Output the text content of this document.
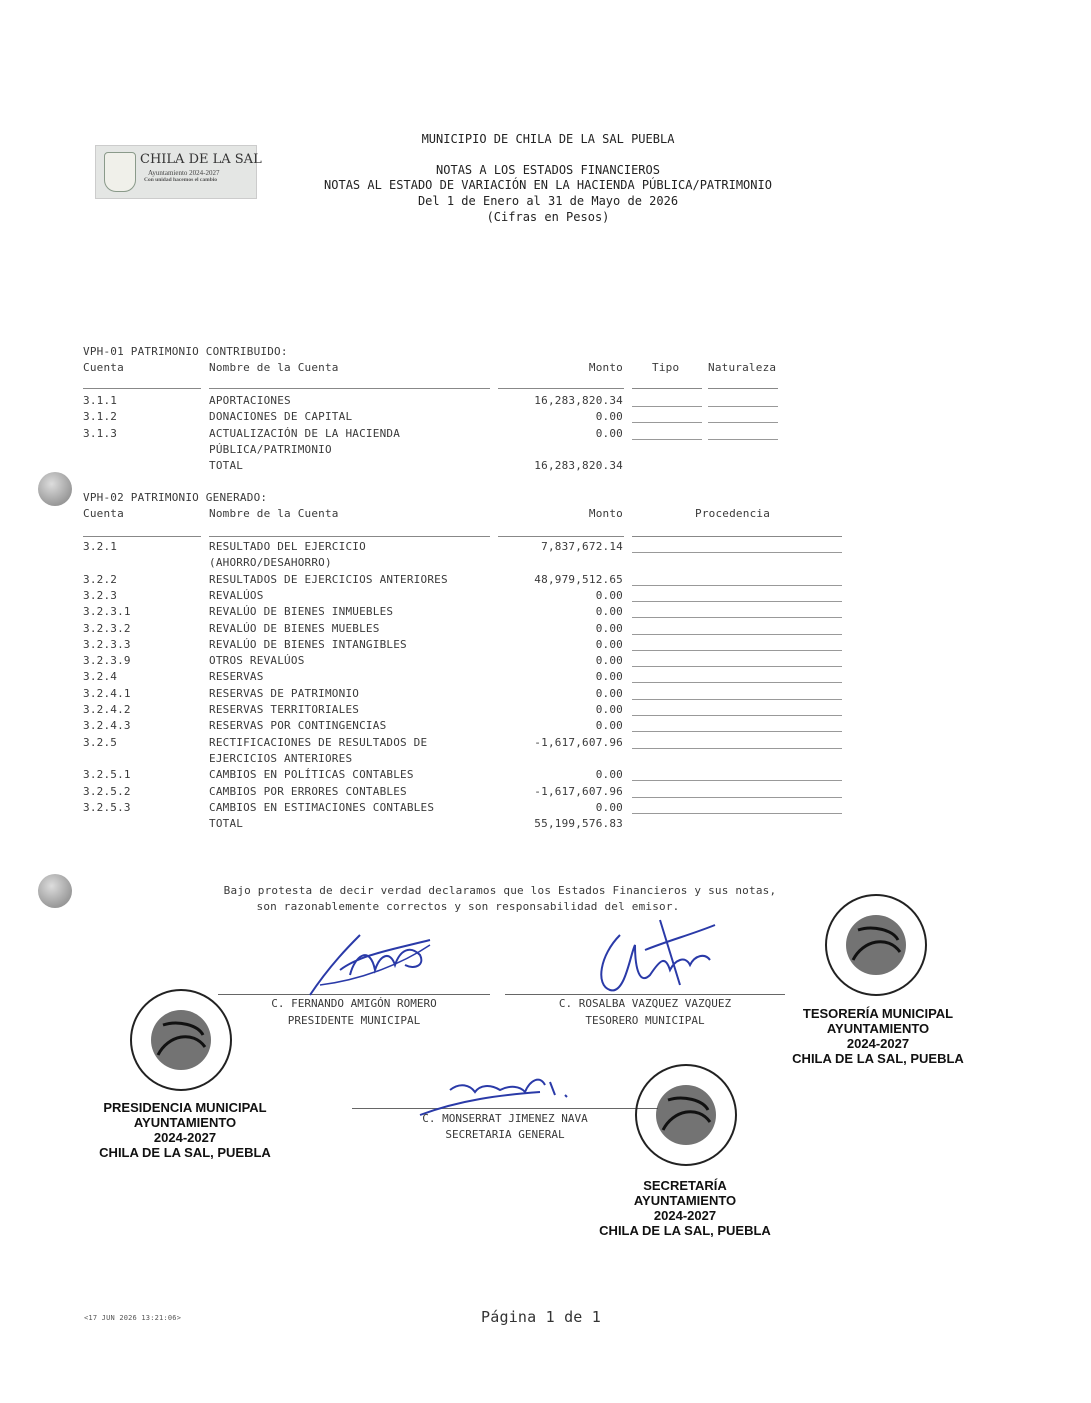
CHILA DE LA SAL
Ayuntamiento 2024-2027
Con unidad hacemos el cambio
MUNICIPIO DE CHILA DE LA SAL PUEBLA
NOTAS A LOS ESTADOS FINANCIEROS
NOTAS AL ESTADO DE VARIACIÓN EN LA HACIENDA PÚBLICA/PATRIMONIO
Del 1 de Enero al 31 de Mayo de 2026
(Cifras en Pesos)
VPH-01 PATRIMONIO CONTRIBUIDO:
Cuenta	Nombre de la Cuenta	Monto	Tipo	Naturaleza
3.1.1	APORTACIONES	16,283,820.34
3.1.2	DONACIONES DE CAPITAL	0.00
3.1.3	ACTUALIZACIÓN DE LA HACIENDA	0.00
PÚBLICA/PATRIMONIO
TOTAL	16,283,820.34
VPH-02 PATRIMONIO GENERADO:
Cuenta	Nombre de la Cuenta	Monto	Procedencia
3.2.1	RESULTADO DEL EJERCICIO	7,837,672.14
(AHORRO/DESAHORRO)
3.2.2	RESULTADOS DE EJERCICIOS ANTERIORES	48,979,512.65
3.2.3	REVALÚOS	0.00
3.2.3.1	REVALÚO DE BIENES INMUEBLES	0.00
3.2.3.2	REVALÚO DE BIENES MUEBLES	0.00
3.2.3.3	REVALÚO DE BIENES INTANGIBLES	0.00
3.2.3.9	OTROS REVALÚOS	0.00
3.2.4	RESERVAS	0.00
3.2.4.1	RESERVAS DE PATRIMONIO	0.00
3.2.4.2	RESERVAS TERRITORIALES	0.00
3.2.4.3	RESERVAS POR CONTINGENCIAS	0.00
3.2.5	RECTIFICACIONES DE RESULTADOS DE	-1,617,607.96
EJERCICIOS ANTERIORES
3.2.5.1	CAMBIOS EN POLÍTICAS CONTABLES	0.00
3.2.5.2	CAMBIOS POR ERRORES CONTABLES	-1,617,607.96
3.2.5.3	CAMBIOS EN ESTIMACIONES CONTABLES	0.00
TOTAL	55,199,576.83
Bajo protesta de decir verdad declaramos que los Estados Financieros y sus notas,
son razonablemente correctos y son responsabilidad del emisor.
C. FERNANDO AMIGÓN ROMERO
PRESIDENTE MUNICIPAL
C. ROSALBA VAZQUEZ VAZQUEZ
TESORERO MUNICIPAL
C. MONSERRAT JIMENEZ NAVA
SECRETARIA GENERAL
PRESIDENCIA MUNICIPAL
AYUNTAMIENTO
2024-2027
CHILA DE LA SAL, PUEBLA
TESORERÍA MUNICIPAL
AYUNTAMIENTO
2024-2027
CHILA DE LA SAL, PUEBLA
SECRETARÍA
AYUNTAMIENTO
2024-2027
CHILA DE LA SAL, PUEBLA
<17 JUN 2026 13:21:06>	Página 1 de 1
